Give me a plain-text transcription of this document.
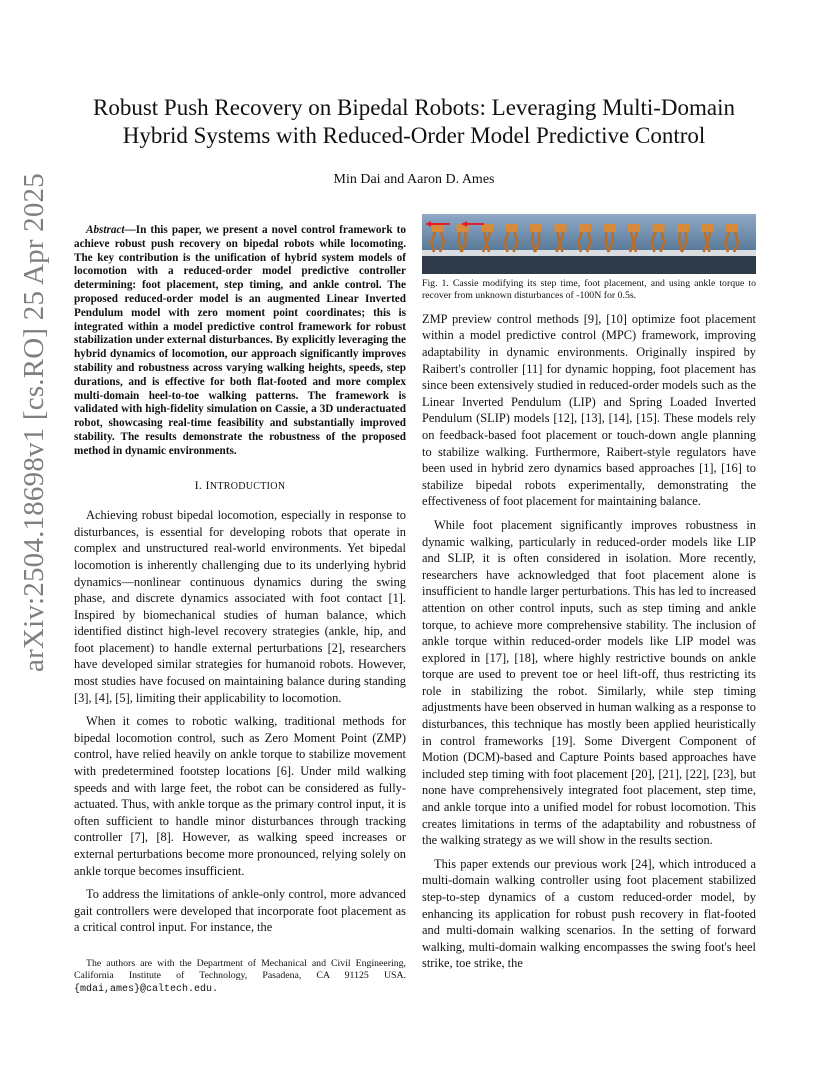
arXiv:2504.18698v1 [cs.RO] 25 Apr 2025
Robust Push Recovery on Bipedal Robots: Leveraging Multi-Domain
Hybrid Systems with Reduced-Order Model Predictive Control
Min Dai and Aaron D. Ames

Abstract—In this paper, we present a novel control framework to achieve robust push recovery on bipedal robots while locomoting. The key contribution is the unification of hybrid system models of locomotion with a reduced-order model predictive controller determining: foot placement, step timing, and ankle control. The proposed reduced-order model is an augmented Linear Inverted Pendulum model with zero moment point coordinates; this is integrated within a model predictive control framework for robust stabilization under external disturbances. By explicitly leveraging the hybrid dynamics of locomotion, our approach significantly improves stability and robustness across varying walking heights, speeds, step durations, and is effective for both flat-footed and more complex multi-domain heel-to-toe walking patterns. The framework is validated with high-fidelity simulation on Cassie, a 3D underactuated robot, showcasing real-time feasibility and substantially improved stability. The results demonstrate the robustness of the proposed method in dynamic environments.

I. INTRODUCTION

Achieving robust bipedal locomotion, especially in response to disturbances, is essential for developing robots that operate in complex and unstructured real-world environments. Yet bipedal locomotion is inherently challenging due to its underlying hybrid dynamics—nonlinear continuous dynamics during the swing phase, and discrete dynamics associated with foot contact [1]. Inspired by biomechanical studies of human balance, which identified distinct high-level recovery strategies (ankle, hip, and foot placement) to handle external perturbations [2], researchers have developed similar strategies for humanoid robots. However, most studies have focused on maintaining balance during standing [3], [4], [5], limiting their applicability to locomotion.

When it comes to robotic walking, traditional methods for bipedal locomotion control, such as Zero Moment Point (ZMP) control, have relied heavily on ankle torque to stabilize movement with predetermined footstep locations [6]. Under mild walking speeds and with large feet, the robot can be considered as fully-actuated. Thus, with ankle torque as the primary control input, it is often sufficient to handle minor disturbances through tracking controller [7], [8]. However, as walking speed increases or external perturbations become more pronounced, relying solely on ankle torque becomes insufficient.

To address the limitations of ankle-only control, more advanced gait controllers were developed that incorporate foot placement as a critical control input. For instance, the

The authors are with the Department of Mechanical and Civil Engineering, California Institute of Technology, Pasadena, CA 91125 USA. {mdai,ames}@caltech.edu.
Fig. 1. Cassie modifying its step time, foot placement, and using ankle torque to recover from unknown disturbances of -100N for 0.5s.

ZMP preview control methods [9], [10] optimize foot placement within a model predictive control (MPC) framework, improving adaptability in dynamic environments. Originally inspired by Raibert's controller [11] for dynamic hopping, foot placement has since been extensively studied in reduced-order models such as the Linear Inverted Pendulum (LIP) and Spring Loaded Inverted Pendulum (SLIP) models [12], [13], [14], [15]. These models rely on feedback-based foot placement or touch-down angle planning to stabilize walking. Furthermore, Raibert-style regulators have been used in hybrid zero dynamics based approaches [1], [16] to stabilize bipedal robots experimentally, demonstrating the effectiveness of foot placement for maintaining balance.

While foot placement significantly improves robustness in dynamic walking, particularly in reduced-order models like LIP and SLIP, it is often considered in isolation. More recently, researchers have acknowledged that foot placement alone is insufficient to handle larger perturbations. This has led to increased attention on other control inputs, such as step timing and ankle torque, to achieve more comprehensive stability. The inclusion of ankle torque within reduced-order models like LIP model was explored in [17], [18], where highly restrictive bounds on ankle torque are used to prevent toe or heel lift-off, thus restricting its role in stabilizing the robot. Similarly, while step timing adjustments have been observed in human walking as a response to disturbances, this technique has mostly been applied heuristically in control frameworks [19]. Some Divergent Component of Motion (DCM)-based and Capture Points based approaches have included step timing with foot placement [20], [21], [22], [23], but none have comprehensively integrated foot placement, step time, and ankle torque into a unified model for robust locomotion. This creates limitations in terms of the adaptability and robustness of the walking strategy as we will show in the results section.

This paper extends our previous work [24], which introduced a multi-domain walking controller using foot placement stabilized step-to-step dynamics of a custom reduced-order model, by enhancing its application for robust push recovery in flat-footed and multi-domain walking scenarios. In the setting of forward walking, multi-domain walking encompasses the swing foot's heel strike, toe strike, the
